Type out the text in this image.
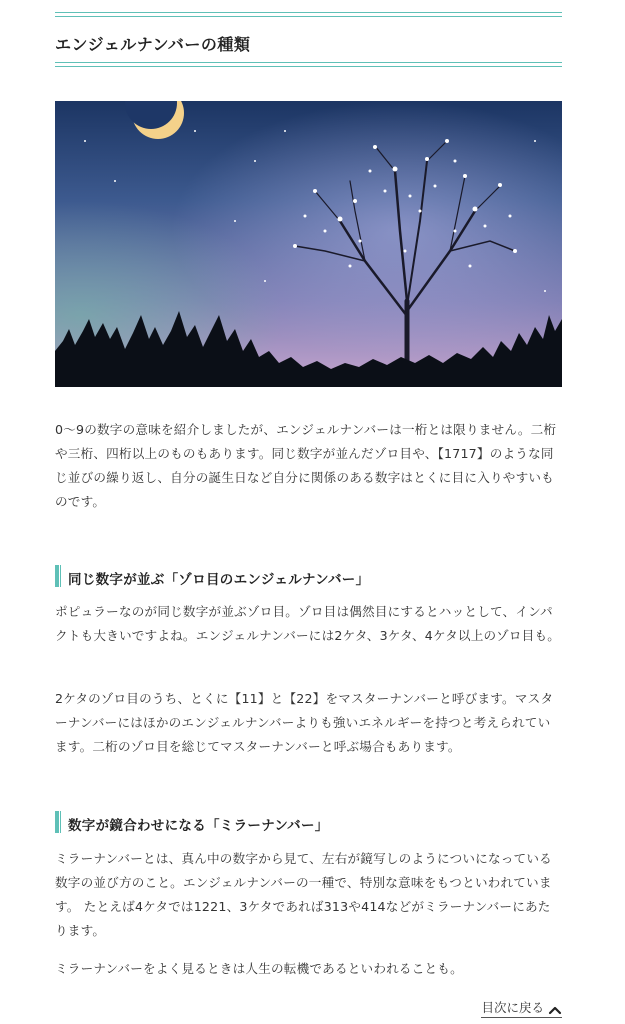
エンジェルナンバーの種類

0〜9の数字の意味を紹介しましたが、エンジェルナンバーは一桁とは限りません。二桁や三桁、四桁以上のものもあります。同じ数字が並んだゾロ目や、【1717】のような同じ並びの繰り返し、自分の誕生日など自分に関係のある数字はとくに目に入りやすいものです。

同じ数字が並ぶ「ゾロ目のエンジェルナンバー」

ポピュラーなのが同じ数字が並ぶゾロ目。ゾロ目は偶然目にするとハッとして、インパクトも大きいですよね。エンジェルナンバーには2ケタ、3ケタ、4ケタ以上のゾロ目も。

2ケタのゾロ目のうち、とくに【11】と【22】をマスターナンバーと呼びます。マスターナンバーにはほかのエンジェルナンバーよりも強いエネルギーを持つと考えられています。二桁のゾロ目を総じてマスターナンバーと呼ぶ場合もあります。

数字が鏡合わせになる「ミラーナンバー」

ミラーナンバーとは、真ん中の数字から見て、左右が鏡写しのようについになっている数字の並び方のこと。エンジェルナンバーの一種で、特別な意味をもつといわれています。 たとえば4ケタでは1221、3ケタであれば313や414などがミラーナンバーにあたります。

ミラーナンバーをよく見るときは人生の転機であるといわれることも。

目次に戻る
